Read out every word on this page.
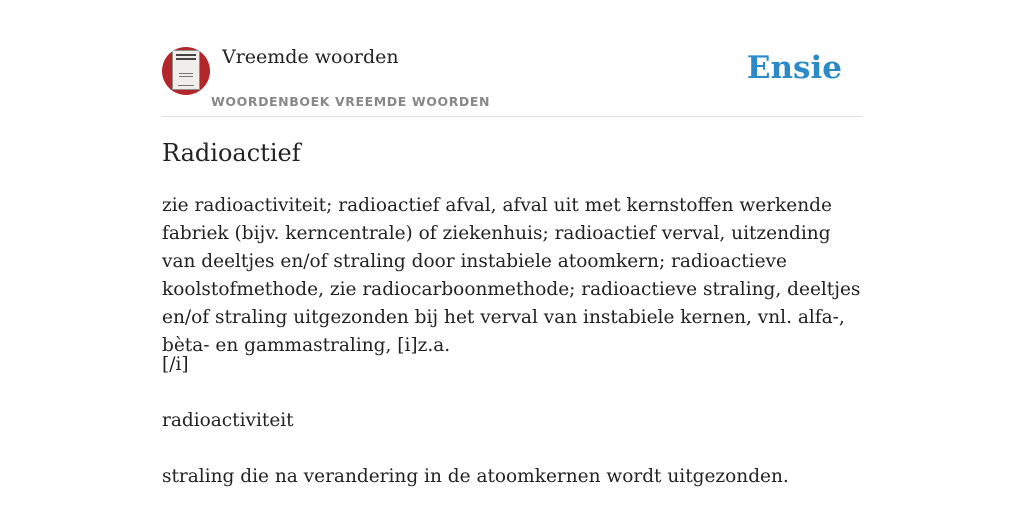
Vreemde woorden
WOORDENBOEK VREEMDE WOORDEN
Ensie
Radioactief
zie radioactiviteit; radioactief afval, afval uit met kernstoffen werkende fabriek (bijv. kerncentrale) of ziekenhuis; radioactief verval, uitzending van deeltjes en/of straling door instabiele atoomkern; radioactieve koolstofmethode, zie radiocarboonmethode; radioactieve straling, deeltjes en/of straling uitgezonden bij het verval van instabiele kernen, vnl. alfa-, bèta- en gammastraling, [i]z.a.
[/i]
radioactiviteit
straling die na verandering in de atoomkernen wordt uitgezonden.
